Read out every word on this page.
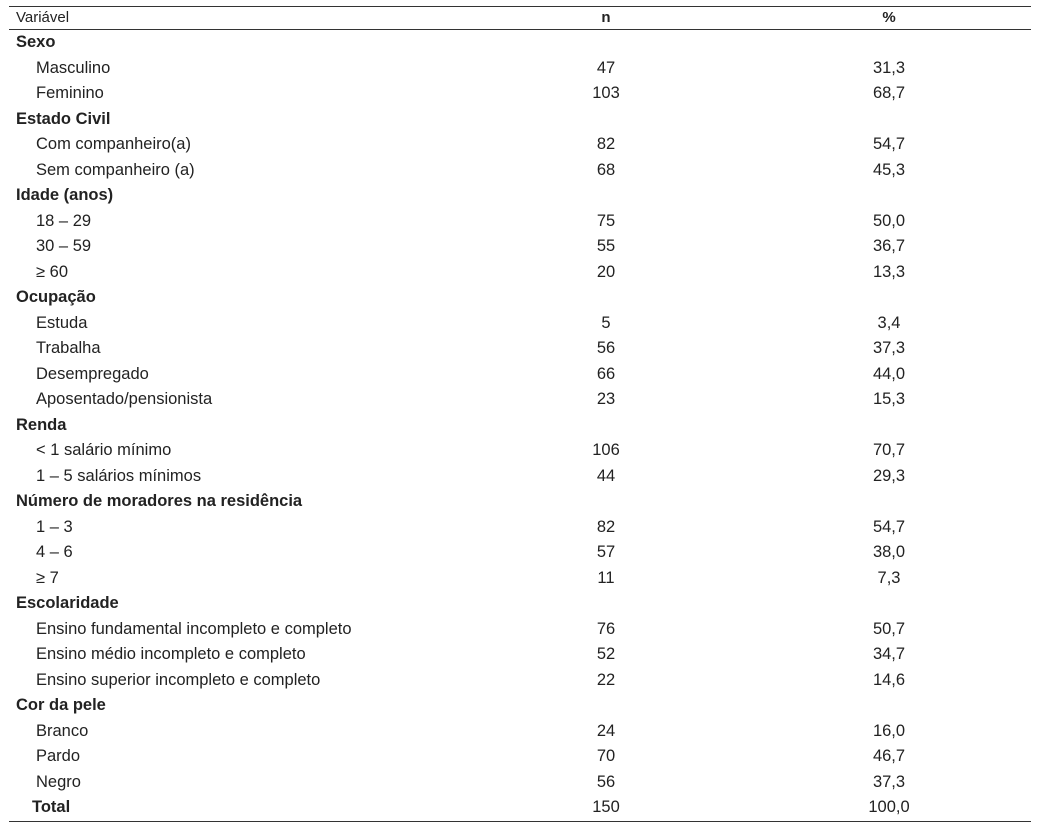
Variável	n	%
Sexo
Masculino	47	31,3
Feminino	103	68,7
Estado Civil
Com companheiro(a)	82	54,7
Sem companheiro (a)	68	45,3
Idade (anos)
18 – 29	75	50,0
30 – 59	55	36,7
≥ 60	20	13,3
Ocupação
Estuda	5	3,4
Trabalha	56	37,3
Desempregado	66	44,0
Aposentado/pensionista	23	15,3
Renda
< 1 salário mínimo	106	70,7
1 – 5 salários mínimos	44	29,3
Número de moradores na residência
1 – 3	82	54,7
4 – 6	57	38,0
≥ 7	11	7,3
Escolaridade
Ensino fundamental incompleto e completo	76	50,7
Ensino médio incompleto e completo	52	34,7
Ensino superior incompleto e completo	22	14,6
Cor da pele
Branco	24	16,0
Pardo	70	46,7
Negro	56	37,3
Total	150	100,0
